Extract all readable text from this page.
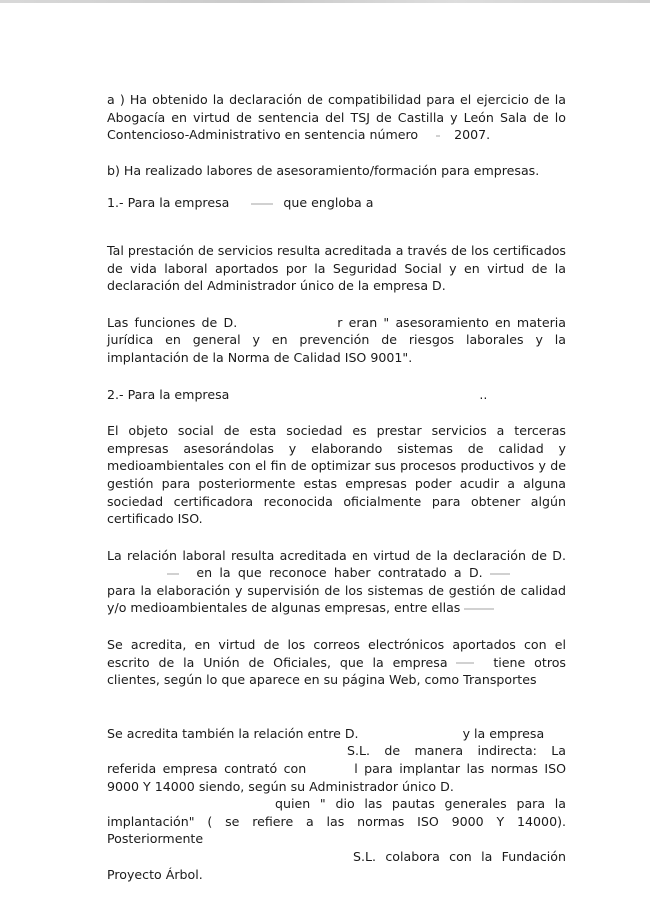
a ) Ha obtenido la declaración de compatibilidad para el ejercicio de la Abogacía en virtud de sentencia del TSJ de Castilla y León Sala de lo Contencioso-Administrativo en sentencia número	2007.

b) Ha realizado labores de asesoramiento/formación para empresas.

1.- Para la empresa	que engloba a

Tal prestación de servicios resulta acreditada a través de los certificados de vida laboral aportados por la Seguridad Social y en virtud de la declaración del Administrador único de la empresa D.

Las funciones de D.	r eran " asesoramiento en materia jurídica en general y en prevención de riesgos laborales y la implantación de la Norma de Calidad ISO 9001".

2.- Para la empresa	..

El objeto social de esta sociedad es prestar servicios a terceras empresas asesorándolas y elaborando sistemas de calidad y medioambientales con el fin de optimizar sus procesos productivos y de gestión para posteriormente estas empresas poder acudir a alguna sociedad certificadora reconocida oficialmente para obtener algún certificado ISO.

La relación laboral resulta acreditada en virtud de la declaración de D.  en la que reconoce haber contratado a D.  para la elaboración y supervisión de los sistemas de gestión de calidad y/o medioambientales de algunas empresas, entre ellas

Se acredita, en virtud de los correos electrónicos aportados con el escrito de la Unión de Oficiales, que la empresa	tiene otros clientes, según lo que aparece en su página Web, como Transportes

Se acredita también la relación entre D.	y la empresa
S.L. de manera indirecta: La referida empresa contrató con	l para implantar las normas ISO 9000 Y 14000 siendo, según su Administrador único D.
quien " dio las pautas generales para la implantación" ( se refiere a las normas ISO 9000 Y 14000). Posteriormente
S.L. colabora con la Fundación Proyecto Árbol.
